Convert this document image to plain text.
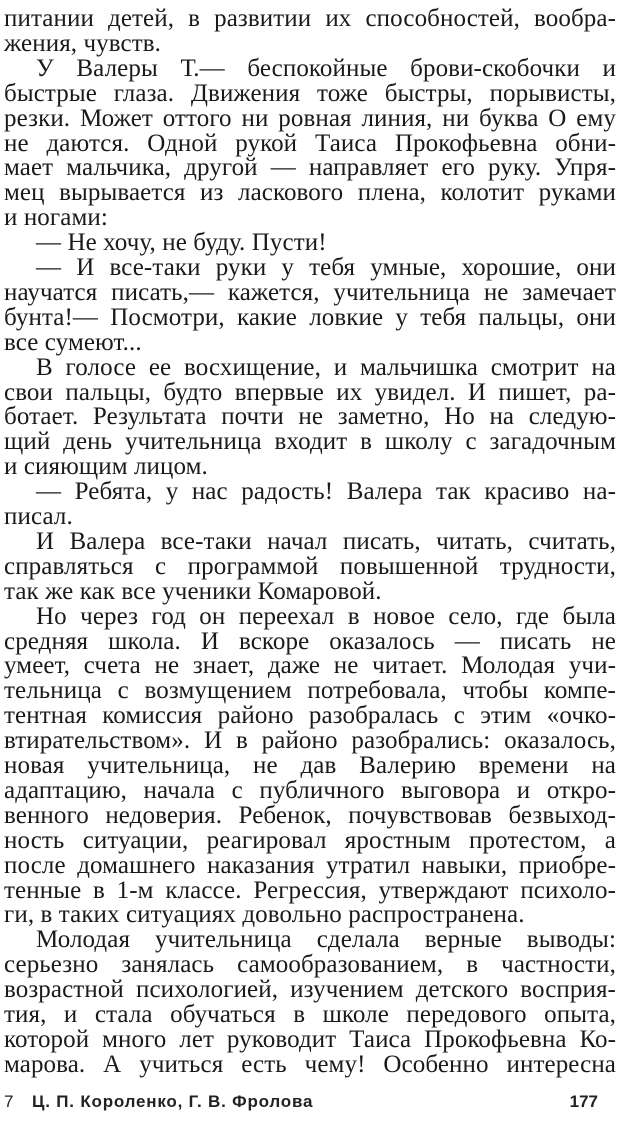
питании детей, в развитии их способностей, вообра-
жения, чувств.
У Валеры Т.— беспокойные брови-скобочки и
быстрые глаза. Движения тоже быстры, порывисты,
резки. Может оттого ни ровная линия, ни буква О ему
не даются. Одной рукой Таиса Прокофьевна обни-
мает мальчика, другой — направляет его руку. Упря-
мец вырывается из ласкового плена, колотит руками
и ногами:
— Не хочу, не буду. Пусти!
— И все-таки руки у тебя умные, хорошие, они
научатся писать,— кажется, учительница не замечает
бунта!— Посмотри, какие ловкие у тебя пальцы, они
все сумеют...
В голосе ее восхищение, и мальчишка смотрит на
свои пальцы, будто впервые их увидел. И пишет, ра-
ботает. Результата почти не заметно, Но на следую-
щий день учительница входит в школу с загадочным
и сияющим лицом.
— Ребята, у нас радость! Валера так красиво на-
писал.
И Валера все-таки начал писать, читать, считать,
справляться с программой повышенной трудности,
так же как все ученики Комаровой.
Но через год он переехал в новое село, где была
средняя школа. И вскоре оказалось — писать не
умеет, счета не знает, даже не читает. Молодая учи-
тельница с возмущением потребовала, чтобы компе-
тентная комиссия районо разобралась с этим «очко-
втирательством». И в районо разобрались: оказалось,
новая учительница, не дав Валерию времени на
адаптацию, начала с публичного выговора и откро-
венного недоверия. Ребенок, почувствовав безвыход-
ность ситуации, реагировал яростным протестом, а
после домашнего наказания утратил навыки, приобре-
тенные в 1-м классе. Регрессия, утверждают психоло-
ги, в таких ситуациях довольно распространена.
Молодая учительница сделала верные выводы:
серьезно занялась самообразованием, в частности,
возрастной психологией, изучением детского восприя-
тия, и стала обучаться в школе передового опыта,
которой много лет руководит Таиса Прокофьевна Ко-
марова. А учиться есть чему! Особенно интересна
7 Ц. П. Короленко, Г. В. Фролова	177
